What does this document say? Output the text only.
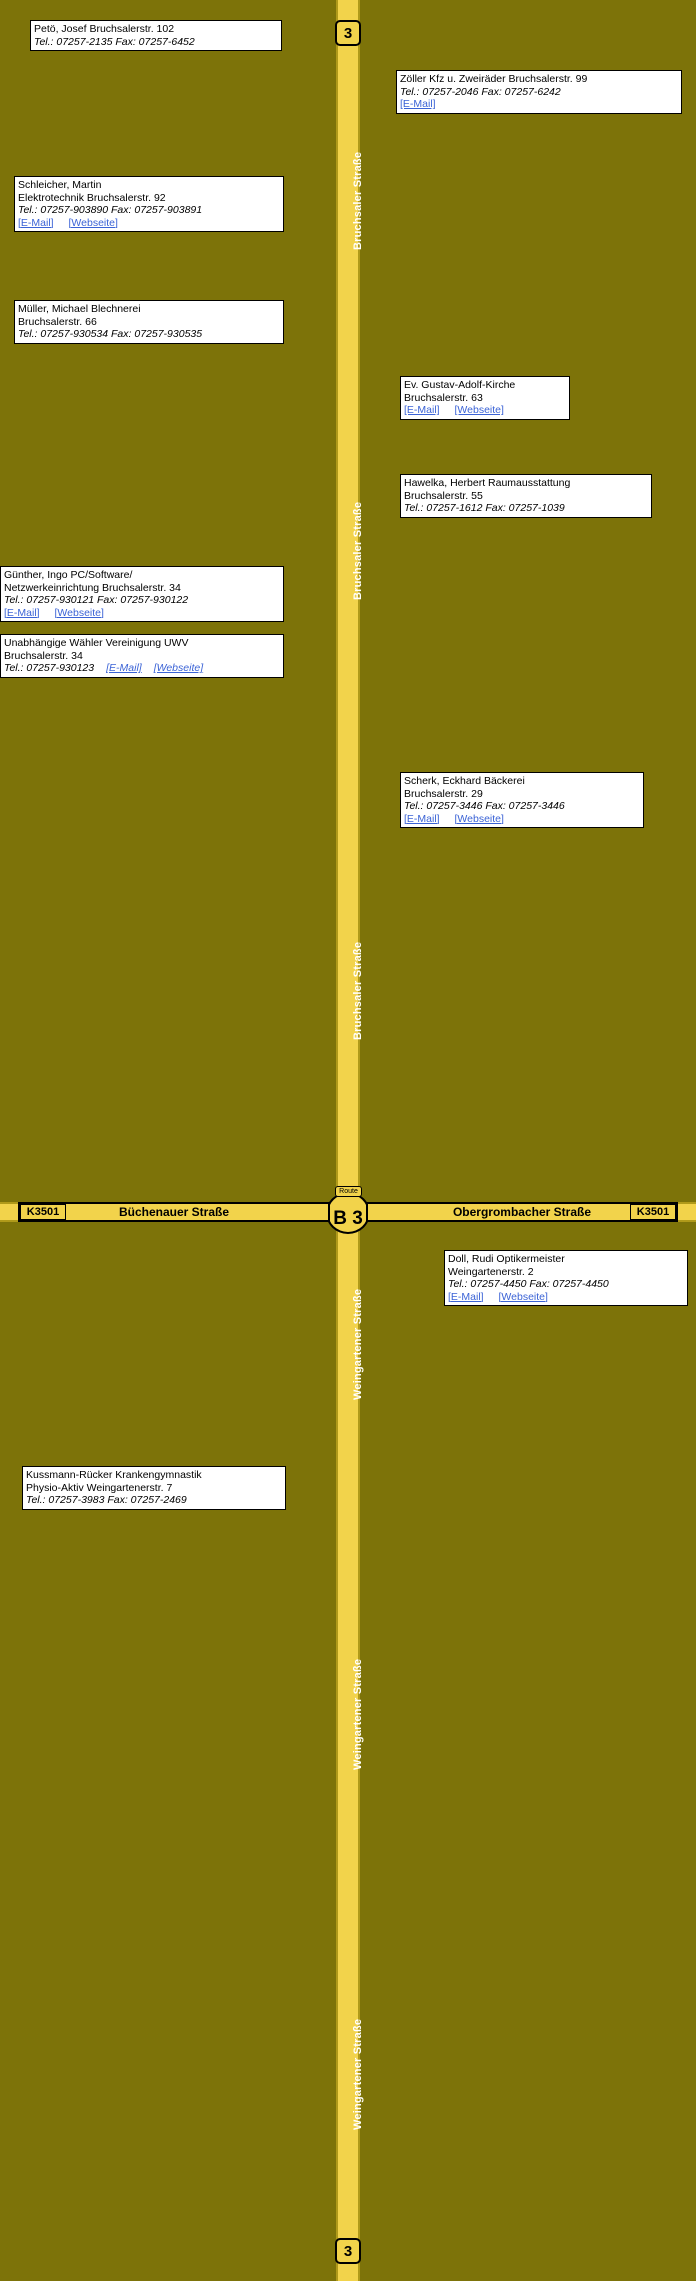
Bruchsaler Straße
Bruchsaler Straße
Bruchsaler Straße
Weingartener Straße
Weingartener Straße
Weingartener Straße
3
3
Route
B 3
Büchenauer Straße
K3501	Obergrombacher Straße	K3501
Petö, Josef Bruchsalerstr. 102
Tel.: 07257-2135 Fax: 07257-6452
Zöller Kfz u. Zweiräder Bruchsalerstr. 99
Tel.: 07257-2046 Fax: 07257-6242
[E-Mail]
Schleicher, Martin
Elektrotechnik Bruchsalerstr. 92
Tel.: 07257-903890 Fax: 07257-903891
[E-Mail] [Webseite]
Müller, Michael Blechnerei
Bruchsalerstr. 66
Tel.: 07257-930534 Fax: 07257-930535
Ev. Gustav-Adolf-Kirche
Bruchsalerstr. 63
[E-Mail] [Webseite]
Hawelka, Herbert Raumausstattung
Bruchsalerstr. 55
Tel.: 07257-1612 Fax: 07257-1039
Günther, Ingo PC/Software/
Netzwerkeinrichtung Bruchsalerstr. 34
Tel.: 07257-930121 Fax: 07257-930122
[E-Mail] [Webseite]
Unabhängige Wähler Vereinigung UWV
Bruchsalerstr. 34
Tel.: 07257-930123 [E-Mail] [Webseite]
Scherk, Eckhard Bäckerei
Bruchsalerstr. 29
Tel.: 07257-3446 Fax: 07257-3446
[E-Mail] [Webseite]
Doll, Rudi Optikermeister
Weingartenerstr. 2
Tel.: 07257-4450 Fax: 07257-4450
[E-Mail] [Webseite]
Kussmann-Rücker Krankengymnastik
Physio-Aktiv Weingartenerstr. 7
Tel.: 07257-3983 Fax: 07257-2469
